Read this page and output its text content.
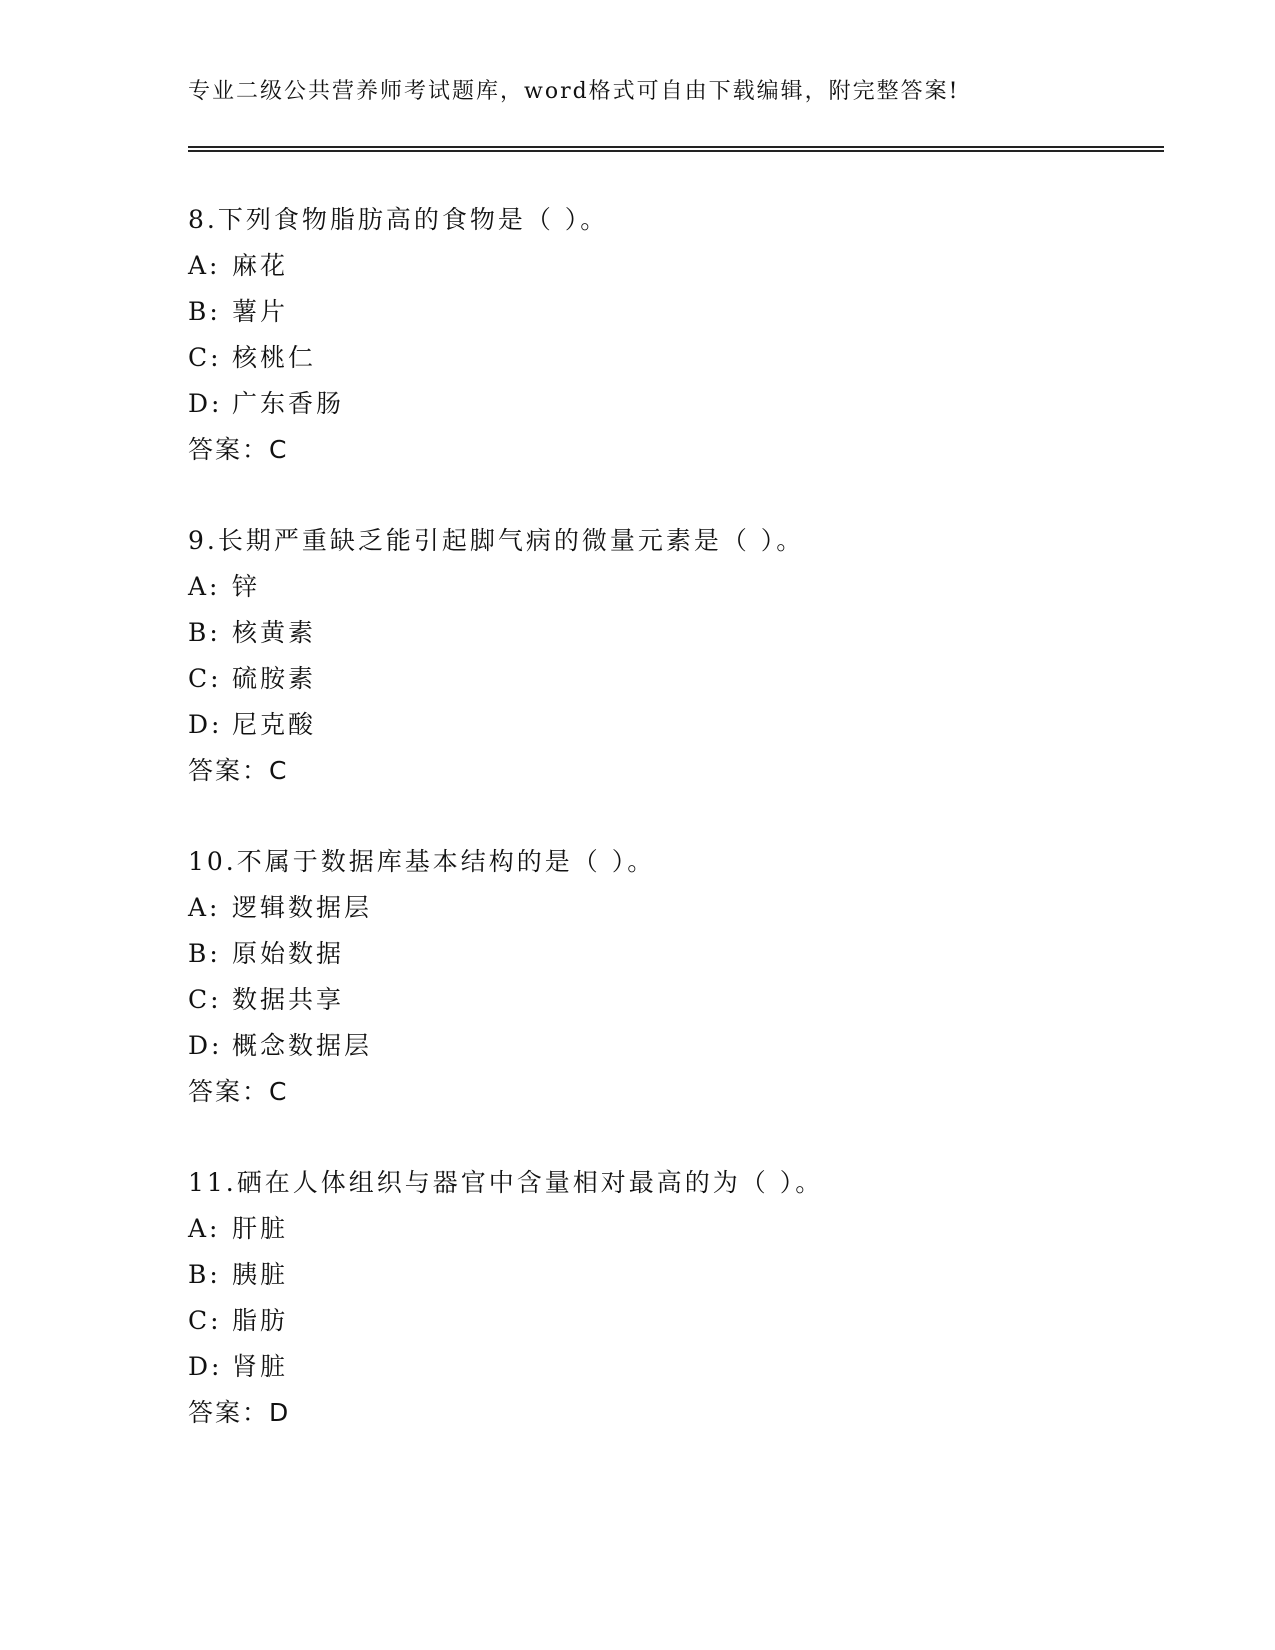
专业二级公共营养师考试题库，word格式可自由下载编辑，附完整答案!
8.下列食物脂肪高的食物是（ ）。
A: 麻花
B: 薯片
C: 核桃仁
D: 广东香肠
答案：C
9.长期严重缺乏能引起脚气病的微量元素是（ ）。
A: 锌
B: 核黄素
C: 硫胺素
D: 尼克酸
答案：C
10.不属于数据库基本结构的是（ ）。
A: 逻辑数据层
B: 原始数据
C: 数据共享
D: 概念数据层
答案：C
11.硒在人体组织与器官中含量相对最高的为（ ）。
A: 肝脏
B: 胰脏
C: 脂肪
D: 肾脏
答案：D
